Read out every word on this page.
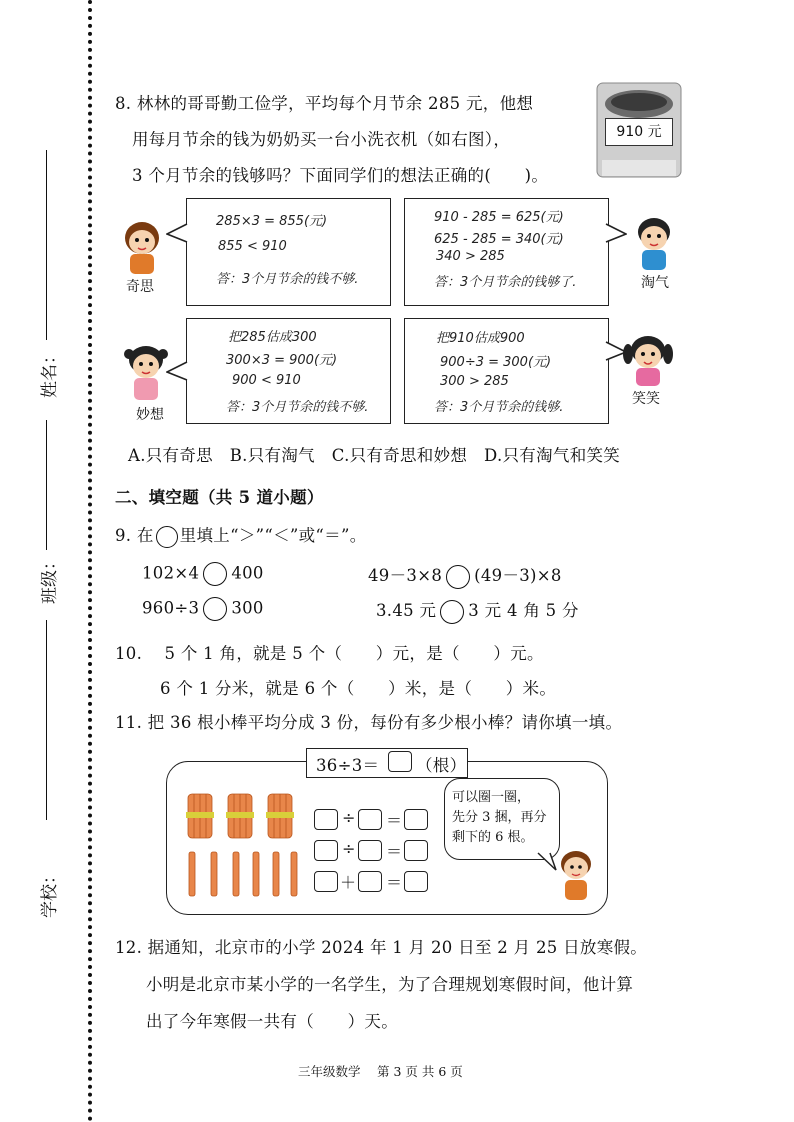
姓名：
班级：
学校：
8. 林林的哥哥勤工俭学，平均每个月节余 285 元，他想
用每月节余的钱为奶奶买一台小洗衣机（如右图），
3 个月节余的钱够吗？下面同学们的想法正确的(　　)。
910 元
奇思
285×3 = 855(元)
855 < 910
答：3个月节余的钱不够.
910 - 285 = 625(元)
625 - 285 = 340(元)
340 > 285
答：3个月节余的钱够了.	淘气
妙想
把285估成300
300×3 = 900(元)
900 < 910
答：3个月节余的钱不够.
把910估成900
900÷3 = 300(元)
300 > 285
答：3个月节余的钱够.
笑笑
A.只有奇思　B.只有淘气　C.只有奇思和妙想　D.只有淘气和笑笑
二、填空题（共 5 道小题）
9. 在 里填上“＞”“＜”或“＝”。
102×4 400	49－3×8 (49－3)×8
960÷3 300	3.45 元 3 元 4 角 5 分
10.　 5 个 1 角，就是 5 个（　　）元，是（　　）元。
6 个 1 分米，就是 6 个（　　）米，是（　　）米。
11. 把 36 根小棒平均分成 3 份，每份有多少根小棒？请你填一填。
36÷3＝ （根）
÷ ＝
÷ ＝
＋ ＝
可以圈一圈，
先分 3 捆，再分
剩下的 6 根。
12. 据通知，北京市的小学 2024 年 1 月 20 日至 2 月 25 日放寒假。
小明是北京市某小学的一名学生，为了合理规划寒假时间，他计算
出了今年寒假一共有（　　）天。
三年级数学　 第 3 页 共 6 页
